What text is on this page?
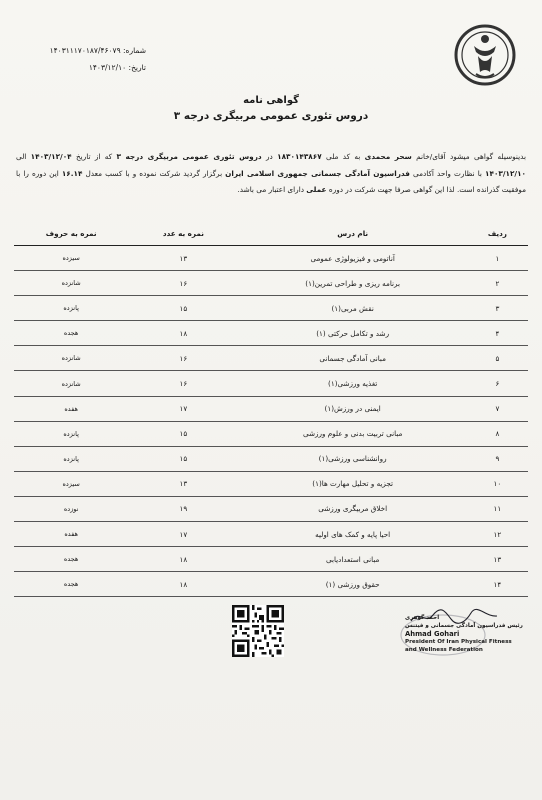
شماره: ۱۴۰۳۱۱۱۷۰۱۸۷/۴۶۰۷۹
تاریخ: ۱۴۰۳/۱۲/۱۰
گواهی نامه
دروس تئوری عمومی مربیگری درجه ۳
بدینوسیله گواهی میشود آقای/خانم سحر محمدی به کد ملی ۱۸۳۰۱۴۳۸۶۷ در دروس تئوری عمومی مربیگری درجه ۳ که از تاریخ ۱۴۰۳/۱۲/۰۴ الی ۱۴۰۳/۱۲/۱۰ با نظارت واحد آکادمی فدراسیون آمادگی جسمانی جمهوری اسلامی ایران برگزار گردید شرکت نموده و با کسب معدل ۱۶.۱۴ این دوره را با موفقیت گذرانده است. لذا این گواهی صرفا جهت شرکت در دوره عملی دارای اعتبار می باشد.
ردیف	نام درس	نمره به عدد	نمره به حروف
۱	آناتومی و فیزیولوژی عمومی	۱۳	سیزده
۲	برنامه ریزی و طراحی تمرین(۱)	۱۶	شانزده
۳	نقش مربی(۱)	۱۵	پانزده
۴	رشد و تکامل حرکتی (۱)	۱۸	هجده
۵	مبانی آمادگی جسمانی	۱۶	شانزده
۶	تغذیه ورزشی(۱)	۱۶	شانزده
۷	ایمنی در ورزش(۱)	۱۷	هفده
۸	مبانی تربیت بدنی و علوم ورزشی	۱۵	پانزده
۹	روانشناسی ورزشی(۱)	۱۵	پانزده
۱۰	تجزیه و تحلیل مهارت ها(۱)	۱۳	سیزده
۱۱	اخلاق مربیگری ورزشی	۱۹	نوزده
۱۲	احیا پایه و کمک های اولیه	۱۷	هفده
۱۳	مبانی استعدادیابی	۱۸	هجده
۱۴	حقوق ورزشی (۱)	۱۸	هجده
احمد گوهری
رئیس فدراسیون آمادگی جسمانی و فیتنس
Ahmad Gohari
President Of Iran Physical Fitness
and Wellness Federation
